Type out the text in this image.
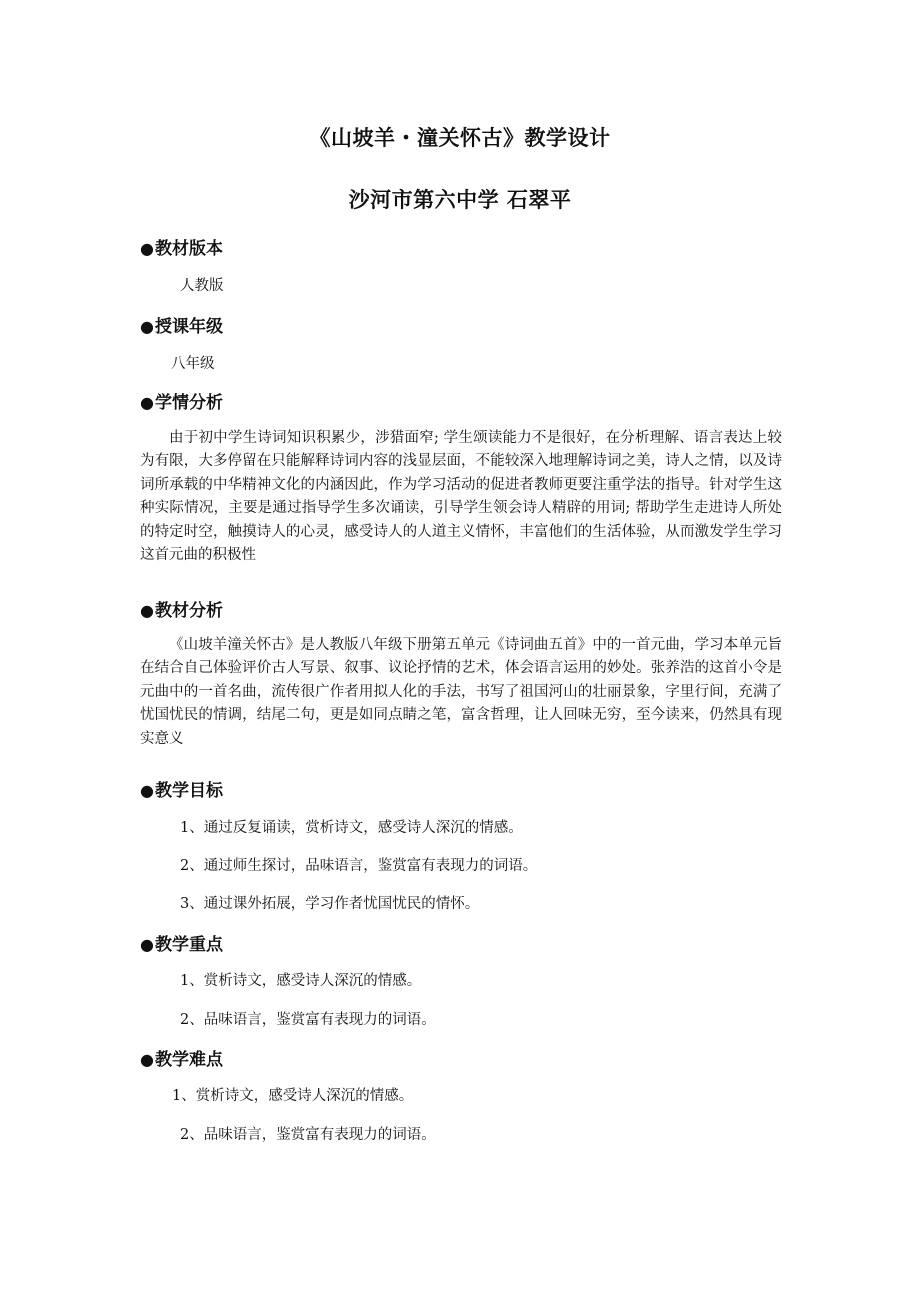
《山坡羊・潼关怀古》教学设计
沙河市第六中学 石翠平
●教材版本
人教版
●授课年级
八年级
●学情分析
由于初中学生诗词知识积累少，涉猎面窄; 学生颂读能力不是很好，在分析理解、语言表达上较为有限，大多停留在只能解释诗词内容的浅显层面，不能较深入地理解诗词之美，诗人之情，以及诗词所承载的中华精神文化的内涵因此，作为学习活动的促进者教师更要注重学法的指导。针对学生这种实际情况，主要是通过指导学生多次诵读，引导学生领会诗人精辟的用词; 帮助学生走进诗人所处的特定时空，触摸诗人的心灵，感受诗人的人道主义情怀，丰富他们的生活体验，从而激发学生学习这首元曲的积极性
●教材分析
《山坡羊潼关怀古》是人教版八年级下册第五单元《诗词曲五首》中的一首元曲，学习本单元旨在结合自己体验评价古人写景、叙事、议论抒情的艺术，体会语言运用的妙处。张养浩的这首小令是元曲中的一首名曲，流传很广作者用拟人化的手法，书写了祖国河山的壮丽景象，字里行间，充满了忧国忧民的情调，结尾二句，更是如同点睛之笔，富含哲理，让人回味无穷，至今读来，仍然具有现实意义
●教学目标
1、通过反复诵读，赏析诗文，感受诗人深沉的情感。
2、通过师生探讨，品味语言，鉴赏富有表现力的词语。
3、通过课外拓展，学习作者忧国忧民的情怀。
●教学重点
1、赏析诗文，感受诗人深沉的情感。
2、品味语言，鉴赏富有表现力的词语。
●教学难点
1、赏析诗文，感受诗人深沉的情感。
2、品味语言，鉴赏富有表现力的词语。
